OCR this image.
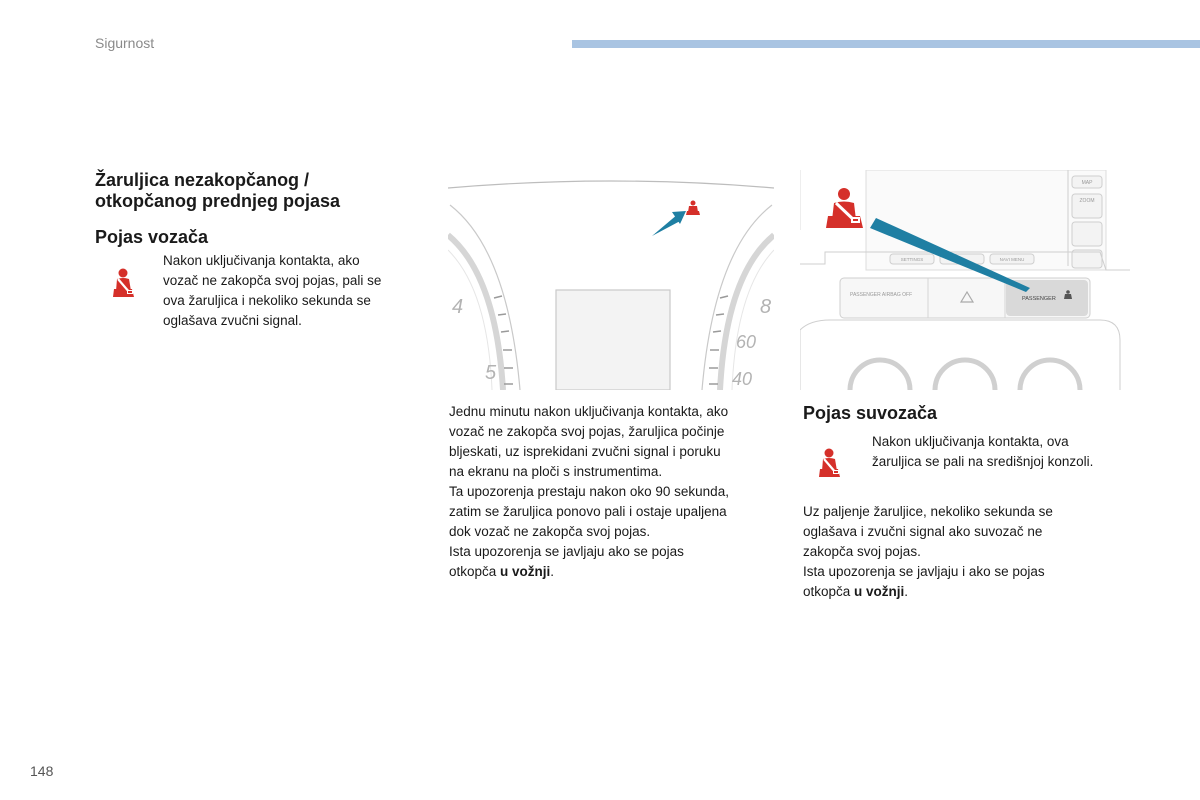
Sigurnost
Žaruljica nezakopčanog /
otkopčanog prednjeg pojasa
Pojas vozača
Nakon uključivanja kontakta, ako
vozač ne zakopča svoj pojas, pali se
ova žaruljica i nekoliko sekunda se
oglašava zvučni signal.
4
5
8
60
40
Jednu minutu nakon uključivanja kontakta, ako
vozač ne zakopča svoj pojas, žaruljica počinje
bljeskati, uz isprekidani zvučni signal i poruku
na ekranu na ploči s instrumentima.
Ta upozorenja prestaju nakon oko 90 sekunda,
zatim se žaruljica ponovo pali i ostaje upaljena
dok vozač ne zakopča svoj pojas.
Ista upozorenja se javljaju ako se pojas
otkopča u vožnji.
MAP
ZOOM
SETTINGS	NAVI MENU
PASSENGER AIRBAG OFF
PASSENGER
Pojas suvozača
Nakon uključivanja kontakta, ova
žaruljica se pali na središnjoj konzoli.
Uz paljenje žaruljice, nekoliko sekunda se
oglašava i zvučni signal ako suvozač ne
zakopča svoj pojas.
Ista upozorenja se javljaju i ako se pojas
otkopča u vožnji.
148
